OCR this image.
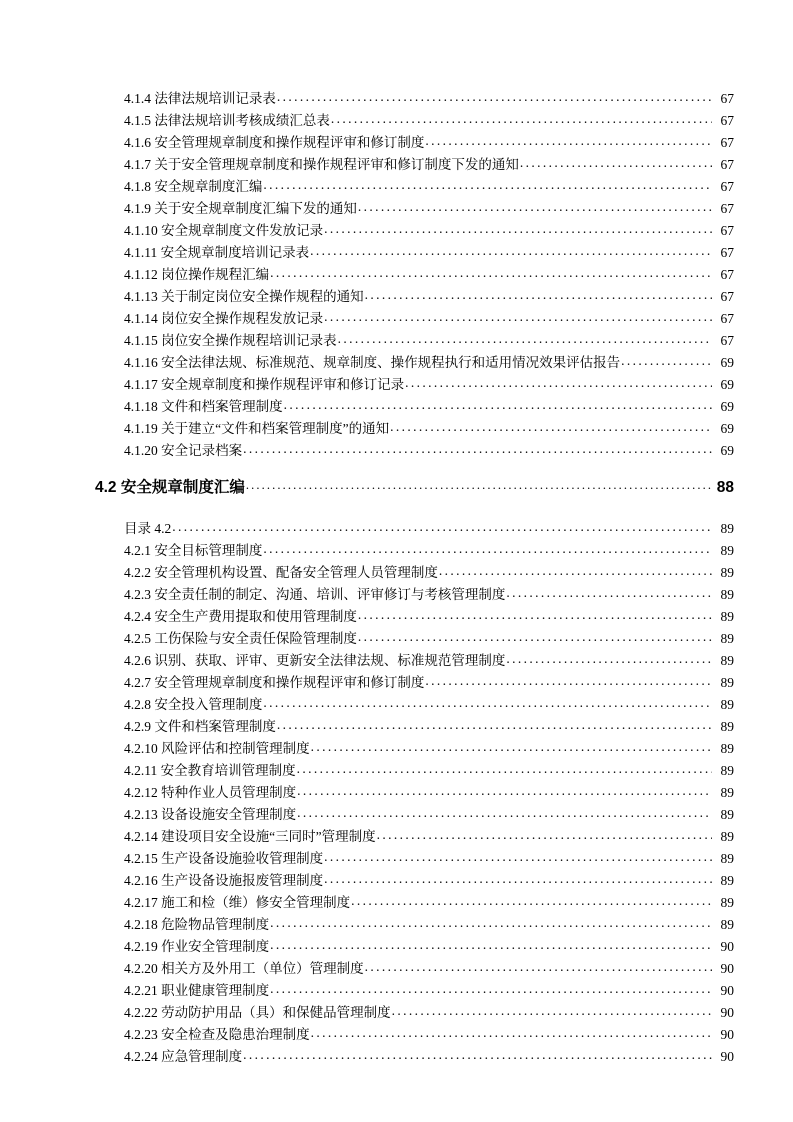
4.1.4 法律法规培训记录表 . . .	67
4.1.5 法律法规培训考核成绩汇总表 . . .	67
4.1.6 安全管理规章制度和操作规程评审和修订制度 . . .	67
4.1.7 关于安全管理规章制度和操作规程评审和修订制度下发的通知 . . .	67
4.1.8 安全规章制度汇编 . . .	67
4.1.9 关于安全规章制度汇编下发的通知 . . .	67
4.1.10 安全规章制度文件发放记录 . . .	67
4.1.11 安全规章制度培训记录表 . . .	67
4.1.12 岗位操作规程汇编 . . .	67
4.1.13 关于制定岗位安全操作规程的通知 . . .	67
4.1.14 岗位安全操作规程发放记录 . . .	67
4.1.15 岗位安全操作规程培训记录表 . . .	67
4.1.16 安全法律法规、标准规范、规章制度、操作规程执行和适用情况效果评估报告 . . .	69
4.1.17 安全规章制度和操作规程评审和修订记录 . . .	69
4.1.18 文件和档案管理制度 . . .	69
4.1.19 关于建立“文件和档案管理制度”的通知 . . .	69
4.1.20 安全记录档案 . . .	69
4.2 安全规章制度汇编 . . .	88
目录 4.2 . . .	89
4.2.1 安全目标管理制度 . . .	89
4.2.2 安全管理机构设置、配备安全管理人员管理制度 . . .	89
4.2.3 安全责任制的制定、沟通、培训、评审修订与考核管理制度 . . .	89
4.2.4 安全生产费用提取和使用管理制度 . . .	89
4.2.5 工伤保险与安全责任保险管理制度 . . .	89
4.2.6 识别、获取、评审、更新安全法律法规、标准规范管理制度 . . .	89
4.2.7 安全管理规章制度和操作规程评审和修订制度 . . .	89
4.2.8 安全投入管理制度 . . .	89
4.2.9 文件和档案管理制度 . . .	89
4.2.10 风险评估和控制管理制度 . . .	89
4.2.11 安全教育培训管理制度 . . .	89
4.2.12 特种作业人员管理制度 . . .	89
4.2.13 设备设施安全管理制度 . . .	89
4.2.14 建设项目安全设施“三同时”管理制度 . . .	89
4.2.15 生产设备设施验收管理制度 . . .	89
4.2.16 生产设备设施报废管理制度 . . .	89
4.2.17 施工和检（维）修安全管理制度 . . .	89
4.2.18 危险物品管理制度 . . .	89
4.2.19 作业安全管理制度 . . .	90
4.2.20 相关方及外用工（单位）管理制度 . . .	90
4.2.21 职业健康管理制度 . . .	90
4.2.22 劳动防护用品（具）和保健品管理制度 . . .	90
4.2.23 安全检查及隐患治理制度 . . .	90
4.2.24 应急管理制度 . . .	90
